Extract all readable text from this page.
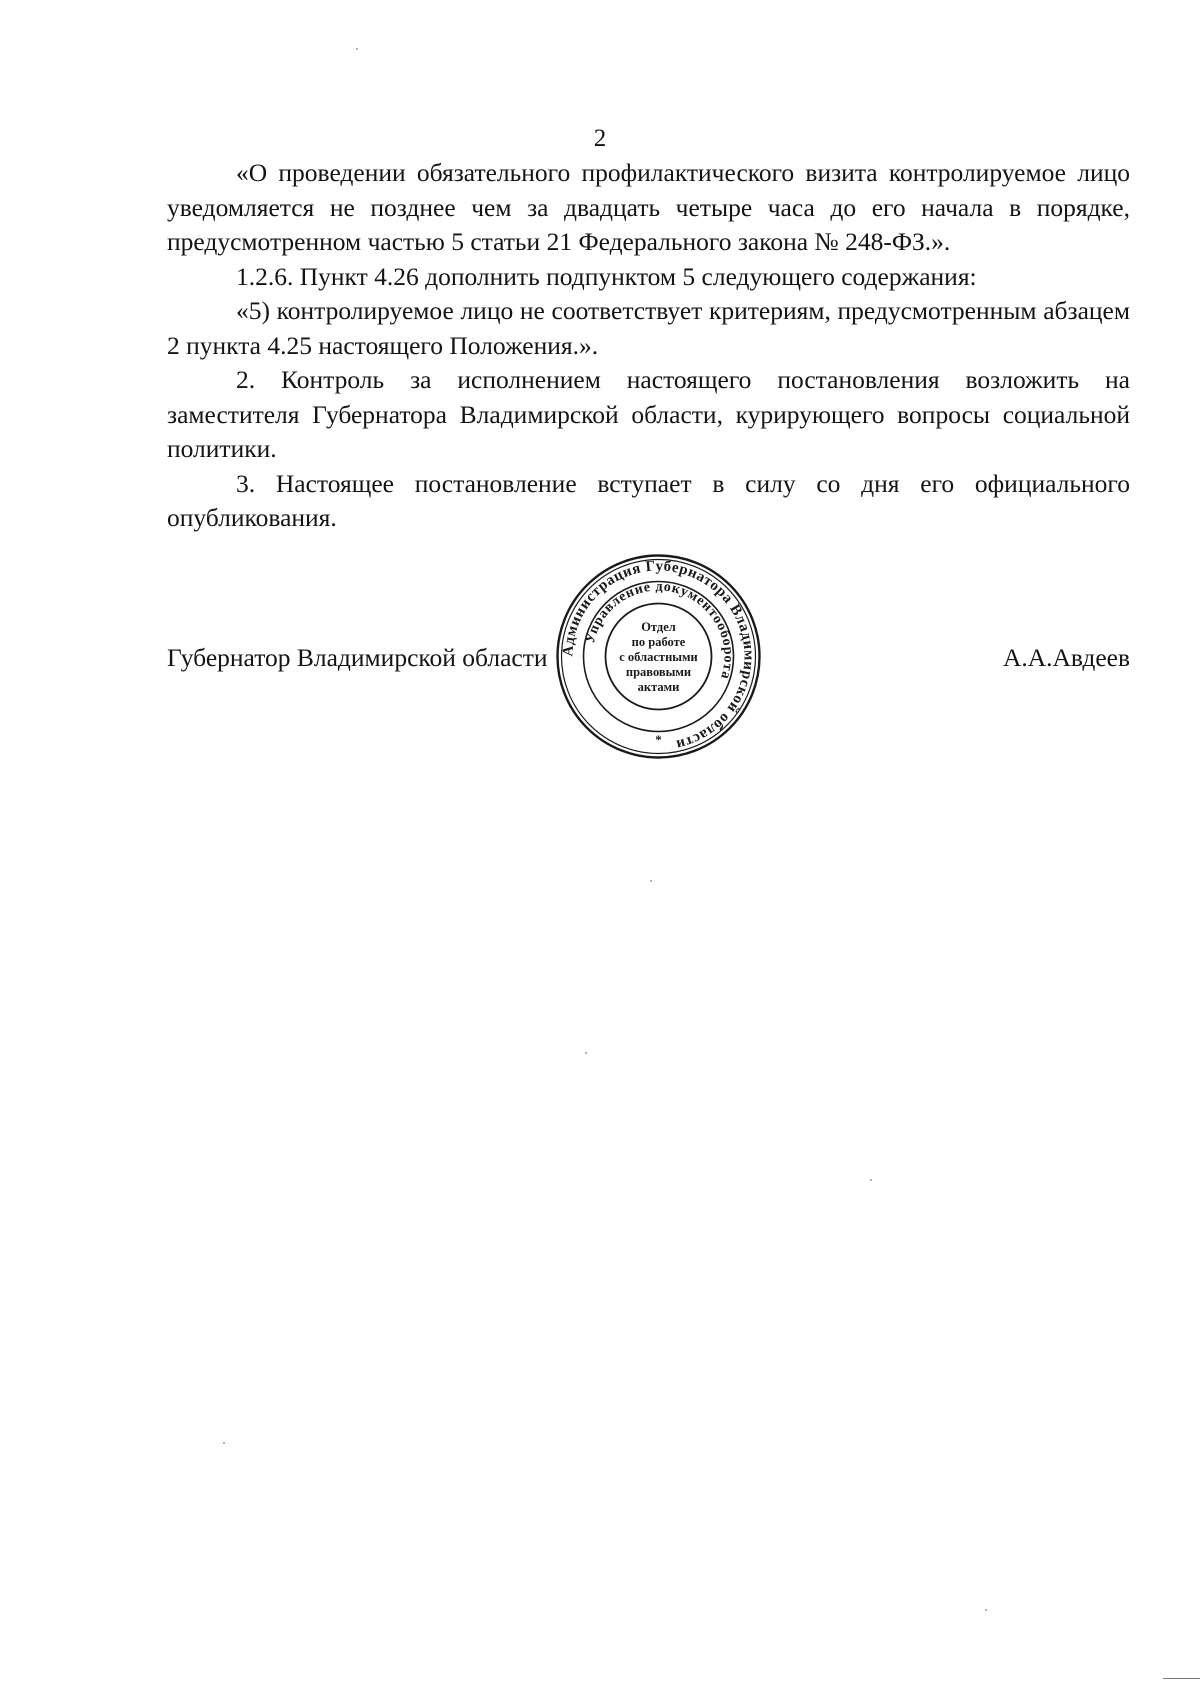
2

«О проведении обязательного профилактического визита контролируемое лицо уведомляется не позднее чем за двадцать четыре часа до его начала в порядке, предусмотренном частью 5 статьи 21 Федерального закона № 248-ФЗ.».

1.2.6. Пункт 4.26 дополнить подпунктом 5 следующего содержания:

«5) контролируемое лицо не соответствует критериям, предусмотренным абзацем 2 пункта 4.25 настоящего Положения.».

2. Контроль за исполнением настоящего постановления возложить на заместителя Губернатора Владимирской области, курирующего вопросы социальной политики.

3. Настоящее постановление вступает в силу со дня его официального опубликования.

Губернатор Владимирской области	А.А.Авдеев
Администрация Губернатора Владимирской области
Управление документооборота
*
Отдел
по работе
с областными
правовыми
актами
